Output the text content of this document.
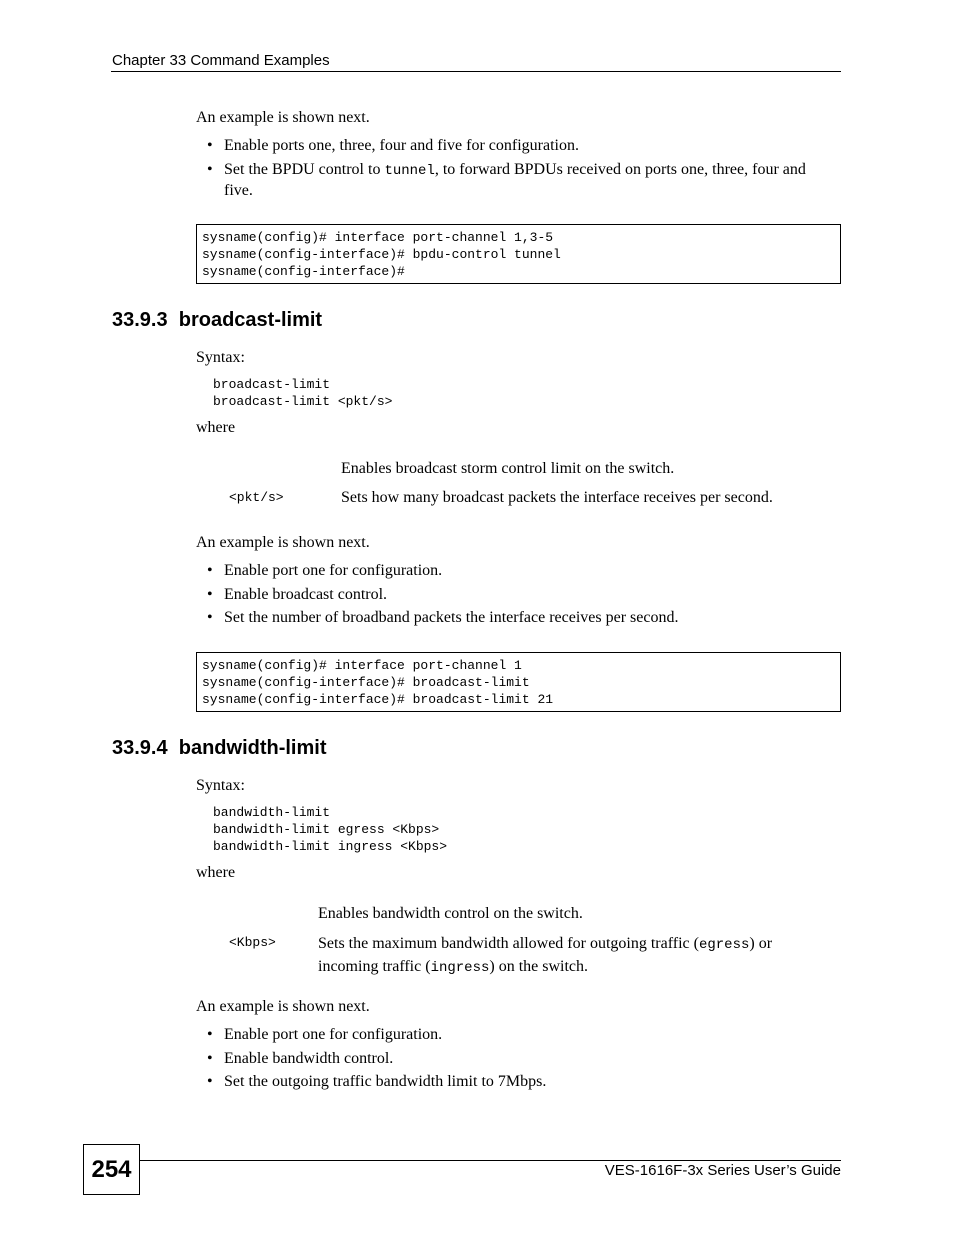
Chapter 33 Command Examples
An example is shown next.
• Enable ports one, three, four and five for configuration.
• Set the BPDU control to tunnel, to forward BPDUs received on ports one, three, four and five.
sysname(config)# interface port-channel 1,3-5
sysname(config-interface)# bpdu-control tunnel
sysname(config-interface)#
33.9.3 broadcast-limit
Syntax:
broadcast-limit
broadcast-limit <pkt/s>
where
Enables broadcast storm control limit on the switch.
<pkt/s>	Sets how many broadcast packets the interface receives per second.
An example is shown next.
• Enable port one for configuration.
• Enable broadcast control.
• Set the number of broadband packets the interface receives per second.
sysname(config)# interface port-channel 1
sysname(config-interface)# broadcast-limit
sysname(config-interface)# broadcast-limit 21
33.9.4 bandwidth-limit
Syntax:
bandwidth-limit
bandwidth-limit egress <Kbps>
bandwidth-limit ingress <Kbps>
where
Enables bandwidth control on the switch.
<Kbps>	Sets the maximum bandwidth allowed for outgoing traffic (egress) or incoming traffic (ingress) on the switch.
An example is shown next.
• Enable port one for configuration.
• Enable bandwidth control.
• Set the outgoing traffic bandwidth limit to 7Mbps.
254	VES-1616F-3x Series User’s Guide
